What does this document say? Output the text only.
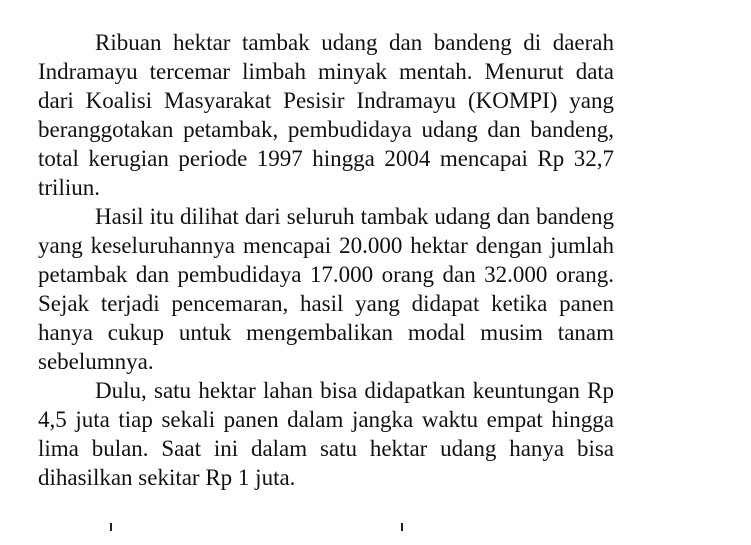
Ribuan hektar tambak udang dan bandeng di daerah Indramayu tercemar limbah minyak mentah. Menurut data dari Koalisi Masyarakat Pesisir Indramayu (KOMPI) yang beranggotakan petambak, pembudidaya udang dan bandeng, total kerugian periode 1997 hingga 2004 mencapai Rp 32,7 triliun.

Hasil itu dilihat dari seluruh tambak udang dan bandeng yang keseluruhannya mencapai 20.000 hektar dengan jumlah petambak dan pembudidaya 17.000 orang dan 32.000 orang. Sejak terjadi pencemaran, hasil yang didapat ketika panen hanya cukup untuk mengembalikan modal musim tanam sebelumnya.

Dulu, satu hektar lahan bisa didapatkan keuntungan Rp 4,5 juta tiap sekali panen dalam jangka waktu empat hingga lima bulan. Saat ini dalam satu hektar udang hanya bisa dihasilkan sekitar Rp 1 juta.
